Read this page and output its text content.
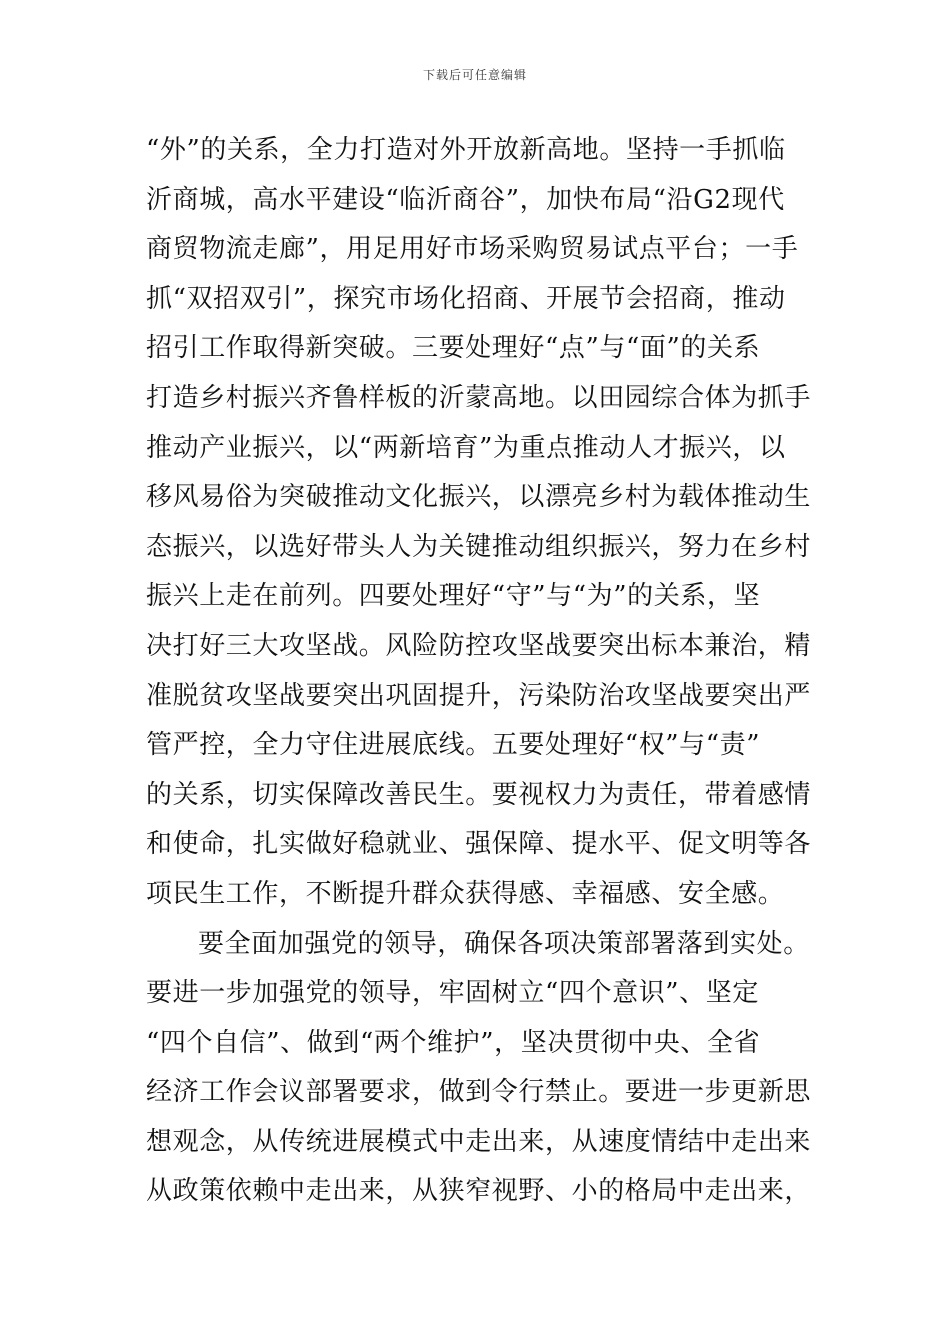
下载后可任意编辑
“外”的关系，全力打造对外开放新高地。坚持一手抓临
沂商城，高水平建设“临沂商谷”，加快布局“沿G2现代
商贸物流走廊”，用足用好市场采购贸易试点平台；一手
抓“双招双引”，探究市场化招商、开展节会招商，推动
招引工作取得新突破。三要处理好“点”与“面”的关系
打造乡村振兴齐鲁样板的沂蒙高地。以田园综合体为抓手
推动产业振兴，以“两新培育”为重点推动人才振兴，以
移风易俗为突破推动文化振兴，以漂亮乡村为载体推动生
态振兴，以选好带头人为关键推动组织振兴，努力在乡村
振兴上走在前列。四要处理好“守”与“为”的关系，坚
决打好三大攻坚战。风险防控攻坚战要突出标本兼治，精
准脱贫攻坚战要突出巩固提升，污染防治攻坚战要突出严
管严控，全力守住进展底线。五要处理好“权”与“责”
的关系，切实保障改善民生。要视权力为责任，带着感情
和使命，扎实做好稳就业、强保障、提水平、促文明等各
项民生工作，不断提升群众获得感、幸福感、安全感。
要全面加强党的领导，确保各项决策部署落到实处。
要进一步加强党的领导，牢固树立“四个意识”、坚定
“四个自信”、做到“两个维护”，坚决贯彻中央、全省
经济工作会议部署要求，做到令行禁止。要进一步更新思
想观念，从传统进展模式中走出来，从速度情结中走出来
从政策依赖中走出来，从狭窄视野、小的格局中走出来，
